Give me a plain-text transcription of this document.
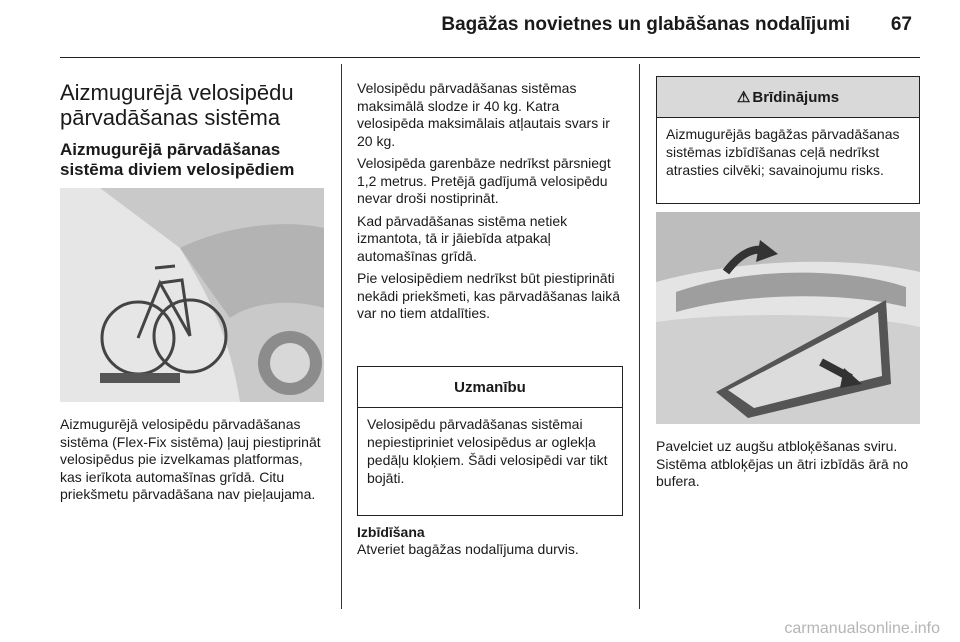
Bagāžas novietnes un glabāšanas nodalījumi 67
Aizmugurējā velosipēdu pārvadāšanas sistēma
Aizmugurējā pārvadāšanas sistēma diviem velosipēdiem

Aizmugurējā velosipēdu pārvadāšanas sistēma (Flex-Fix sistēma) ļauj piestiprināt velosipēdus pie izvelkamas platformas, kas ierīkota automašīnas grīdā. Citu priekšmetu pārvadāšana nav pieļaujama.

Velosipēdu pārvadāšanas sistēmas maksimālā slodze ir 40 kg. Katra velosipēda maksimālais atļautais svars ir 20 kg.

Velosipēda garenbāze nedrīkst pārsniegt 1,2 metrus. Pretējā gadījumā velosipēdu nevar droši nostiprināt.

Kad pārvadāšanas sistēma netiek izmantota, tā ir jāiebīda atpakaļ automašīnas grīdā.

Pie velosipēdiem nedrīkst būt piestiprināti nekādi priekšmeti, kas pārvadāšanas laikā var no tiem atdalīties.

Uzmanību
Velosipēdu pārvadāšanas sistēmai nepiestipriniet velosipēdus ar oglekļa pedāļu kloķiem. Šādi velosipēdi var tikt bojāti.
Izbīdīšana

Atveriet bagāžas nodalījuma durvis.

⚠ Brīdinājums
Aizmugurējās bagāžas pārvadāšanas sistēmas izbīdīšanas ceļā nedrīkst atrasties cilvēki; savainojumu risks.

Pavelciet uz augšu atbloķēšanas sviru. Sistēma atbloķējas un ātri izbīdās ārā no bufera.

carmanualsonline.info
